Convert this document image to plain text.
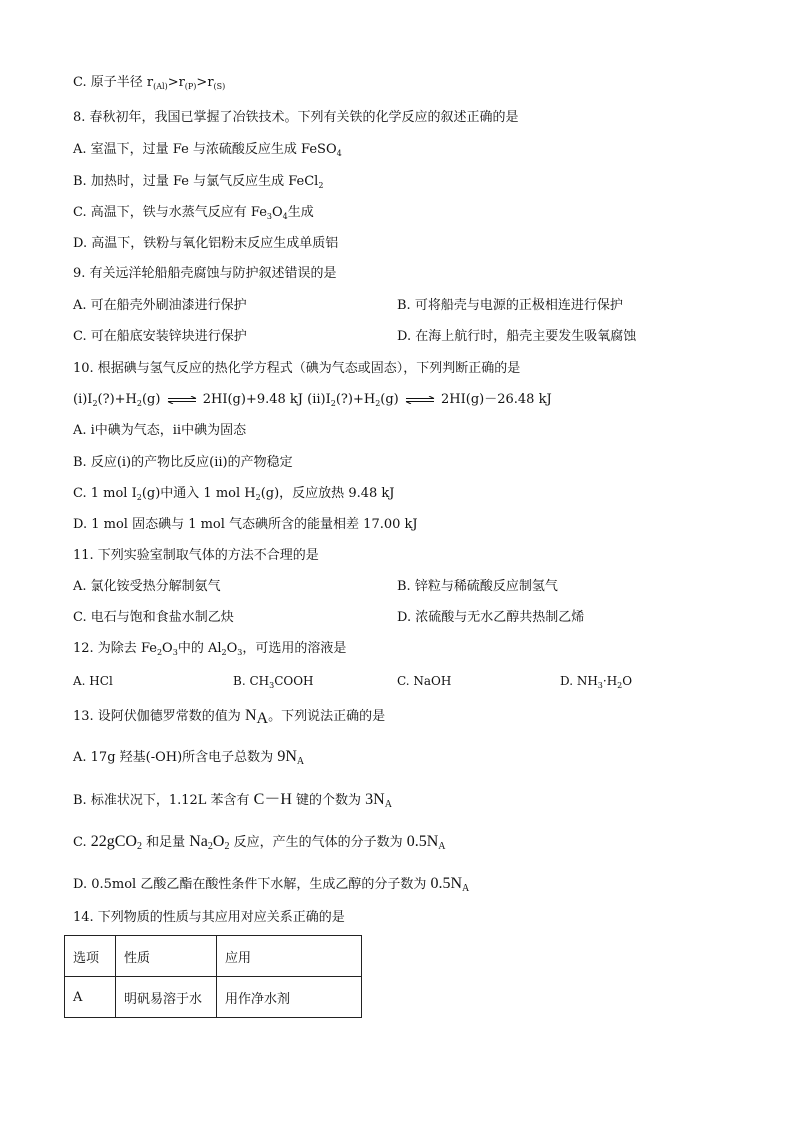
C. 原子半径 $r_{(Al)}>r_{(P)}>r_{(S)}$
8. 春秋初年，我国已掌握了冶铁技术。下列有关铁的化学反应的叙述正确的是
A. 室温下，过量 Fe 与浓硫酸反应生成 FeSO$_4$
B. 加热时，过量 Fe 与氯气反应生成 FeCl$_2$
C. 高温下，铁与水蒸气反应有 $Fe_3O_4$生成
D. 高温下，铁粉与氧化铝粉末反应生成单质铝
9. 有关远洋轮船船壳腐蚀与防护叙述错误的是
A. 可在船壳外刷油漆进行保护	B. 可将船壳与电源的正极相连进行保护
C. 可在船底安装锌块进行保护	D. 在海上航行时，船壳主要发生吸氧腐蚀
10. 根据碘与氢气反应的热化学方程式（碘为气态或固态），下列判断正确的是
$(ⅰ)I_2(?)+H_2(g)$ ⇌ 2HI(g)+9.48 kJ $(ⅱ)I_2(?)+H_2(g)$ ⇌ 2HI(g)－26.48 kJ
A. ⅰ中碘为气态，ⅱ中碘为固态
B. 反应(ⅰ)的产物比反应(ⅱ)的产物稳定
C. 1 mol $I_2(g)$中通入 1 mol $H_2(g)$，反应放热 9.48 kJ
D. 1 mol 固态碘与 1 mol 气态碘所含的能量相差 17.00 kJ
11. 下列实验室制取气体的方法不合理的是
A. 氯化铵受热分解制氨气	B. 锌粒与稀硫酸反应制氢气
C. 电石与饱和食盐水制乙炔	D. 浓硫酸与无水乙醇共热制乙烯
12. 为除去 $Fe_2O_3$中的 $Al_2O_3$，可选用的溶液是
A. HCl	B. $CH_3COOH$	C. NaOH	D. $NH_3\cdot H_2O$
13. 设阿伏伽德罗常数的值为 $N_A$。下列说法正确的是
A. 17g 羟基(-OH)所含电子总数为 $9N_A$
B. 标准状况下，1.12L 苯含有 C－H 键的个数为 $3N_A$
C. 22gCO$_2$ 和足量 $Na_2O_2$ 反应，产生的气体的分子数为 $0.5N_A$
D. 0.5mol 乙酸乙酯在酸性条件下水解，生成乙醇的分子数为 $0.5N_A$
14. 下列物质的性质与其应用对应关系正确的是
选项	性质	应用
A	明矾易溶于水	用作净水剂
